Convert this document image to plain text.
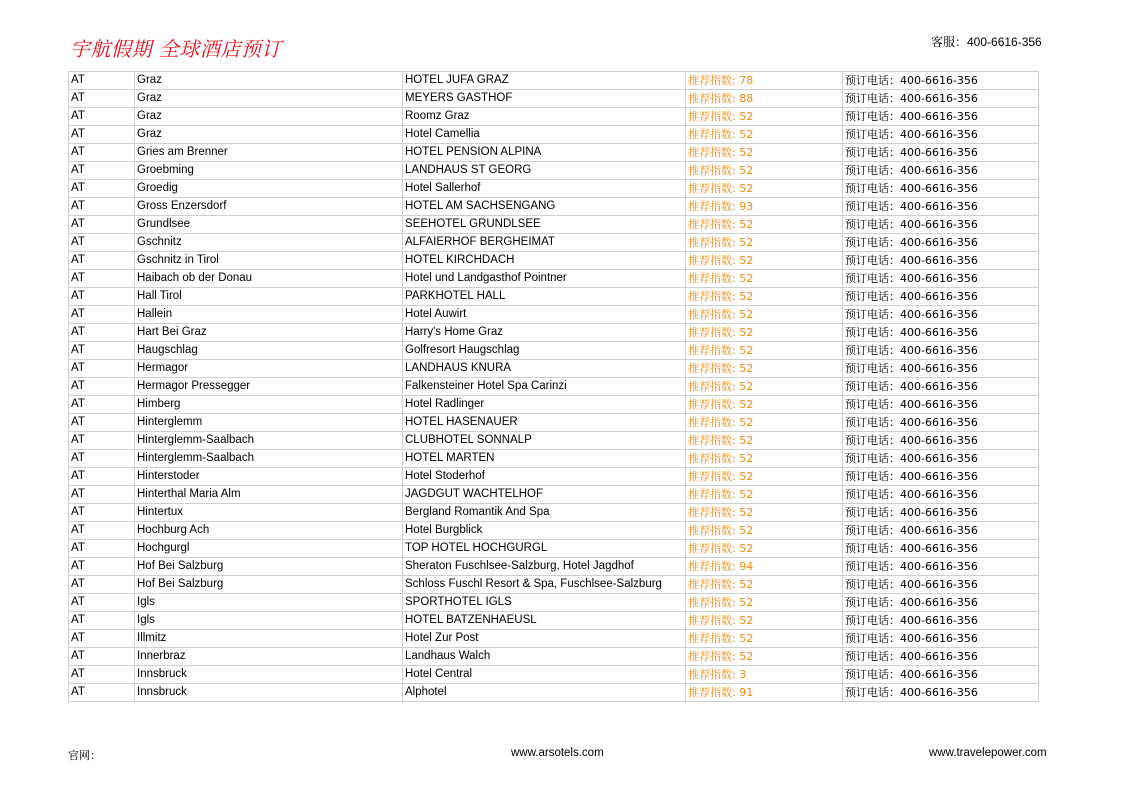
宇航假期 全球酒店预订	客服：400-6616-356
AT	Graz	HOTEL JUFA GRAZ	推荐指数: 78	预订电话：400-6616-356
AT	Graz	MEYERS GASTHOF	推荐指数: 88	预订电话：400-6616-356
AT	Graz	Roomz Graz	推荐指数: 52	预订电话：400-6616-356
AT	Graz	Hotel Camellia	推荐指数: 52	预订电话：400-6616-356
AT	Gries am Brenner	HOTEL PENSION ALPINA	推荐指数: 52	预订电话：400-6616-356
AT	Groebming	LANDHAUS ST GEORG	推荐指数: 52	预订电话：400-6616-356
AT	Groedig	Hotel Sallerhof	推荐指数: 52	预订电话：400-6616-356
AT	Gross Enzersdorf	HOTEL AM SACHSENGANG	推荐指数: 93	预订电话：400-6616-356
AT	Grundlsee	SEEHOTEL GRUNDLSEE	推荐指数: 52	预订电话：400-6616-356
AT	Gschnitz	ALFAIERHOF BERGHEIMAT	推荐指数: 52	预订电话：400-6616-356
AT	Gschnitz in Tirol	HOTEL KIRCHDACH	推荐指数: 52	预订电话：400-6616-356
AT	Haibach ob der Donau	Hotel und Landgasthof Pointner	推荐指数: 52	预订电话：400-6616-356
AT	Hall Tirol	PARKHOTEL HALL	推荐指数: 52	预订电话：400-6616-356
AT	Hallein	Hotel Auwirt	推荐指数: 52	预订电话：400-6616-356
AT	Hart Bei Graz	Harry's Home Graz	推荐指数: 52	预订电话：400-6616-356
AT	Haugschlag	Golfresort Haugschlag	推荐指数: 52	预订电话：400-6616-356
AT	Hermagor	LANDHAUS KNURA	推荐指数: 52	预订电话：400-6616-356
AT	Hermagor Pressegger	Falkensteiner Hotel Spa Carinzi	推荐指数: 52	预订电话：400-6616-356
AT	Himberg	Hotel Radlinger	推荐指数: 52	预订电话：400-6616-356
AT	Hinterglemm	HOTEL HASENAUER	推荐指数: 52	预订电话：400-6616-356
AT	Hinterglemm-Saalbach	CLUBHOTEL SONNALP	推荐指数: 52	预订电话：400-6616-356
AT	Hinterglemm-Saalbach	HOTEL MARTEN	推荐指数: 52	预订电话：400-6616-356
AT	Hinterstoder	Hotel Stoderhof	推荐指数: 52	预订电话：400-6616-356
AT	Hinterthal Maria Alm	JAGDGUT WACHTELHOF	推荐指数: 52	预订电话：400-6616-356
AT	Hintertux	Bergland Romantik And Spa	推荐指数: 52	预订电话：400-6616-356
AT	Hochburg Ach	Hotel Burgblick	推荐指数: 52	预订电话：400-6616-356
AT	Hochgurgl	TOP HOTEL HOCHGURGL	推荐指数: 52	预订电话：400-6616-356
AT	Hof Bei Salzburg	Sheraton Fuschlsee-Salzburg, Hotel Jagdhof	推荐指数: 94	预订电话：400-6616-356
AT	Hof Bei Salzburg	Schloss Fuschl Resort & Spa, Fuschlsee-Salzburg	推荐指数: 52	预订电话：400-6616-356
AT	Igls	SPORTHOTEL IGLS	推荐指数: 52	预订电话：400-6616-356
AT	Igls	HOTEL BATZENHAEUSL	推荐指数: 52	预订电话：400-6616-356
AT	Illmitz	Hotel Zur Post	推荐指数: 52	预订电话：400-6616-356
AT	Innerbraz	Landhaus Walch	推荐指数: 52	预订电话：400-6616-356
AT	Innsbruck	Hotel Central	推荐指数: 3	预订电话：400-6616-356
AT	Innsbruck	Alphotel	推荐指数: 91	预订电话：400-6616-356
官网：	www.arsotels.com	www.travelepower.com
